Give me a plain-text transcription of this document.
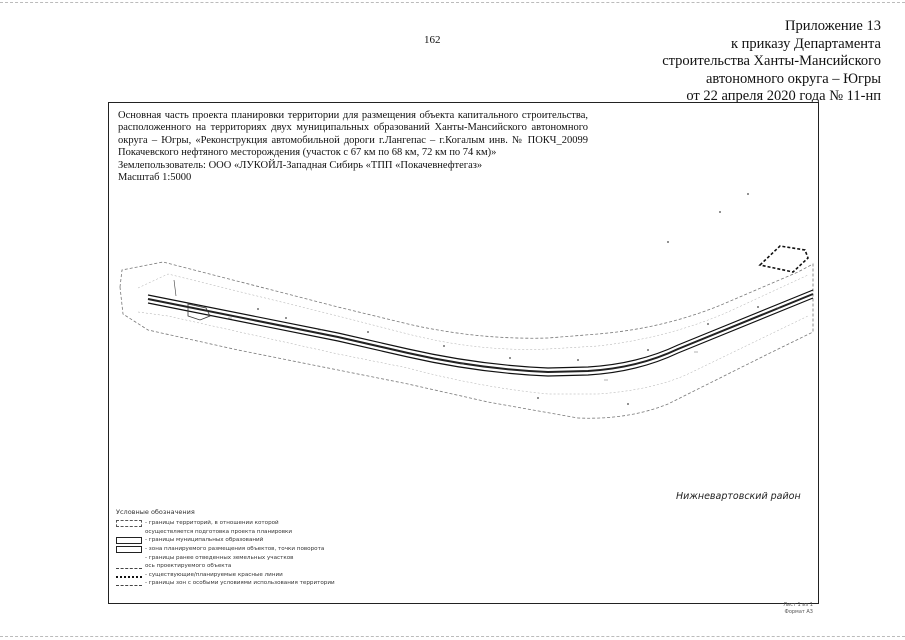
162
Приложение 13
к приказу Департамента
строительства Ханты-Мансийского
автономного округа – Югры
от 22 апреля 2020 года № 11-нп

Основная часть проекта планировки территории для размещения объекта капитального строительства, расположенного на территориях двух муниципальных образований Ханты-Мансийского автономного округа – Югры, «Реконструкция автомобильной дороги г.Лангепас – г.Когалым инв. № ПОКЧ_20099 Покачевского нефтяного месторождения (участок с 67 км по 68 км, 72 км по 74 км)»

Землепользователь: ООО «ЛУКОЙЛ-Западная Сибирь «ТПП «Покачевнефтегаз»

Масштаб 1:5000

Нижневартовский район
Условные обозначения
- границы территорий, в отношении которой
осуществляется подготовка проекта планировки
- границы муниципальных образований
- зона планируемого размещения объектов, точки поворота
- границы ранее отведенных земельных участков
ось проектируемого объекта
- существующие/планируемые красные линии
- границы зон с особыми условиями использования территории
Лист 1 из 1
Формат А3
